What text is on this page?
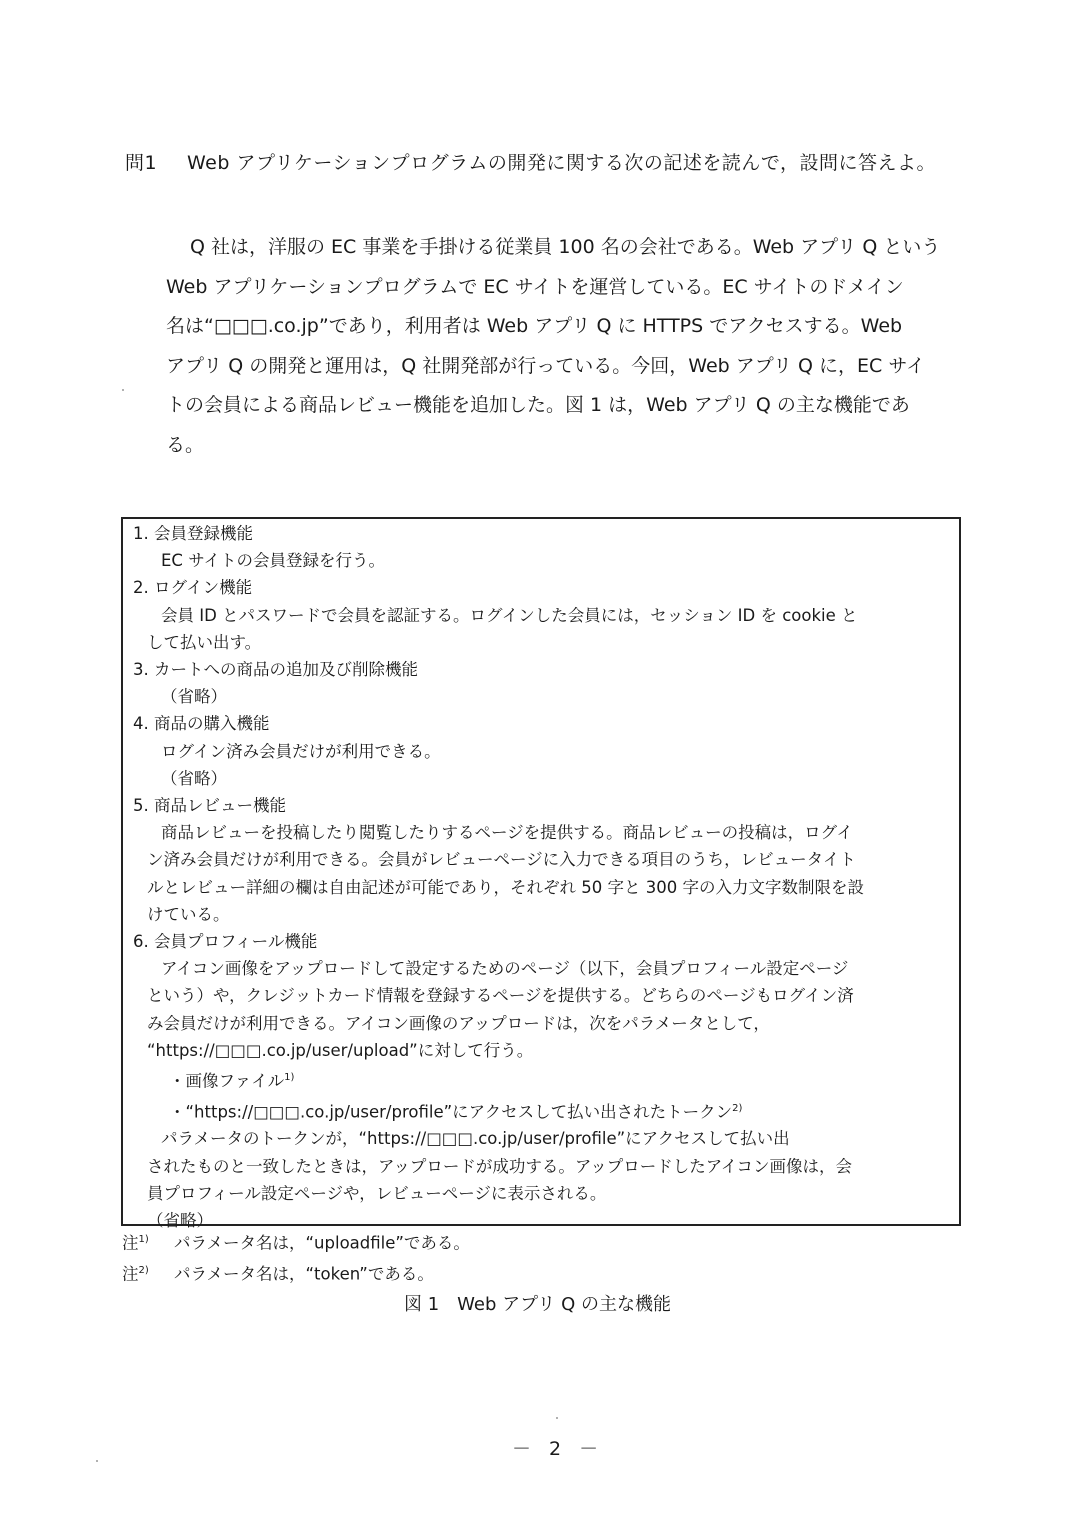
問1 Web アプリケーションプログラムの開発に関する次の記述を読んで，設問に答えよ。

Q 社は，洋服の EC 事業を手掛ける従業員 100 名の会社である。Web アプリ Q という

Web アプリケーションプログラムで EC サイトを運営している。EC サイトのドメイン

名は“□□□.co.jp”であり，利用者は Web アプリ Q に HTTPS でアクセスする。Web

アプリ Q の開発と運用は，Q 社開発部が行っている。今回，Web アプリ Q に，EC サイ

トの会員による商品レビュー機能を追加した。図 1 は，Web アプリ Q の主な機能であ

る。

1. 会員登録機能
EC サイトの会員登録を行う。
2. ログイン機能
会員 ID とパスワードで会員を認証する。ログインした会員には，セッション ID を cookie と
して払い出す。
3. カートへの商品の追加及び削除機能
（省略）
4. 商品の購入機能
ログイン済み会員だけが利用できる。
（省略）
5. 商品レビュー機能
商品レビューを投稿したり閲覧したりするページを提供する。商品レビューの投稿は，ログイ
ン済み会員だけが利用できる。会員がレビューページに入力できる項目のうち，レビュータイト
ルとレビュー詳細の欄は自由記述が可能であり，それぞれ 50 字と 300 字の入力文字数制限を設
けている。
6. 会員プロフィール機能
アイコン画像をアップロードして設定するためのページ（以下，会員プロフィール設定ページ
という）や，クレジットカード情報を登録するページを提供する。どちらのページもログイン済
み会員だけが利用できる。アイコン画像のアップロードは，次をパラメータとして，
“https://□□□.co.jp/user/upload”に対して行う。
・画像ファイル$^{1)}$
・“https://□□□.co.jp/user/profile”にアクセスして払い出されたトークン$^{2)}$
パラメータのトークンが，“https://□□□.co.jp/user/profile”にアクセスして払い出
されたものと一致したときは，アップロードが成功する。アップロードしたアイコン画像は，会
員プロフィール設定ページや，レビューページに表示される。
（省略）
注$^{1)}$ パラメータ名は，“uploadfile”である。
注$^{2)}$ パラメータ名は，“token”である。
図 1　Web アプリ Q の主な機能
－ 2 －
